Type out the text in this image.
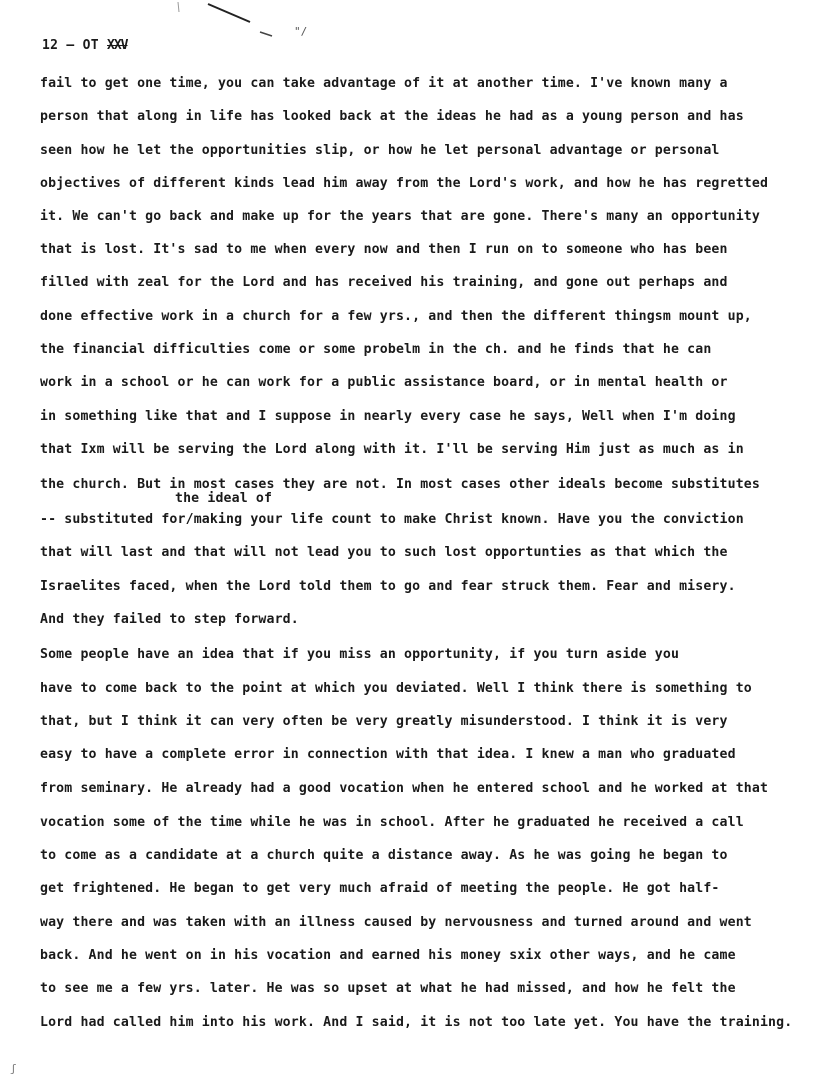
"/
12 – OT XXV
fail to get one time, you can take advantage of it at another time. I've known many a
person that along in life has looked back at the ideas he had as a young person and has
seen how he let the opportunities slip, or how he let personal advantage or personal
objectives of different kinds lead him away from the Lord's work, and how he has regretted
it. We can't go back and make up for the years that are gone. There's many an opportunity
that is lost. It's sad to me when every now and then I run on to someone who has been
filled with zeal for the Lord and has received his training, and gone out perhaps and
done effective work in a church for a few yrs., and then the different thingsm mount up,
the financial difficulties come or some probelm in the ch. and he finds that he can
work in a school or he can work for a public assistance board, or in mental health or
in something like that and I suppose in nearly every case he says, Well when I'm doing
that Ixm will be serving the Lord along with it. I'll be serving Him just as much as in
the church. But in most cases they are not. In most cases other ideals become substitutes
-- substituted for/making your life count to make Christ known. Have you the conviction
that will last and that will not lead you to such lost opportunties as that which the
Israelites faced, when the Lord told them to go and fear struck them. Fear and misery.
And they failed to step forward.
Some people have an idea that if you miss an opportunity, if you turn aside you
have to come back to the point at which you deviated. Well I think there is something to
that, but I think it can very often be very greatly misunderstood. I think it is very
easy to have a complete error in connection with that idea. I knew a man who graduated
from seminary. He already had a good vocation when he entered school and he worked at that
vocation some of the time while he was in school. After he graduated he received a call
to come as a candidate at a church quite a distance away. As he was going he began to
get frightened. He began to get very much afraid of meeting the people. He got half-
way there and was taken with an illness caused by nervousness and turned around and went
back. And he went on in his vocation and earned his money sxix other ways, and he came
to see me a few yrs. later. He was so upset at what he had missed, and how he felt the
Lord had called him into his work. And I said, it is not too late yet. You have the training.
the ideal of
ʃ
